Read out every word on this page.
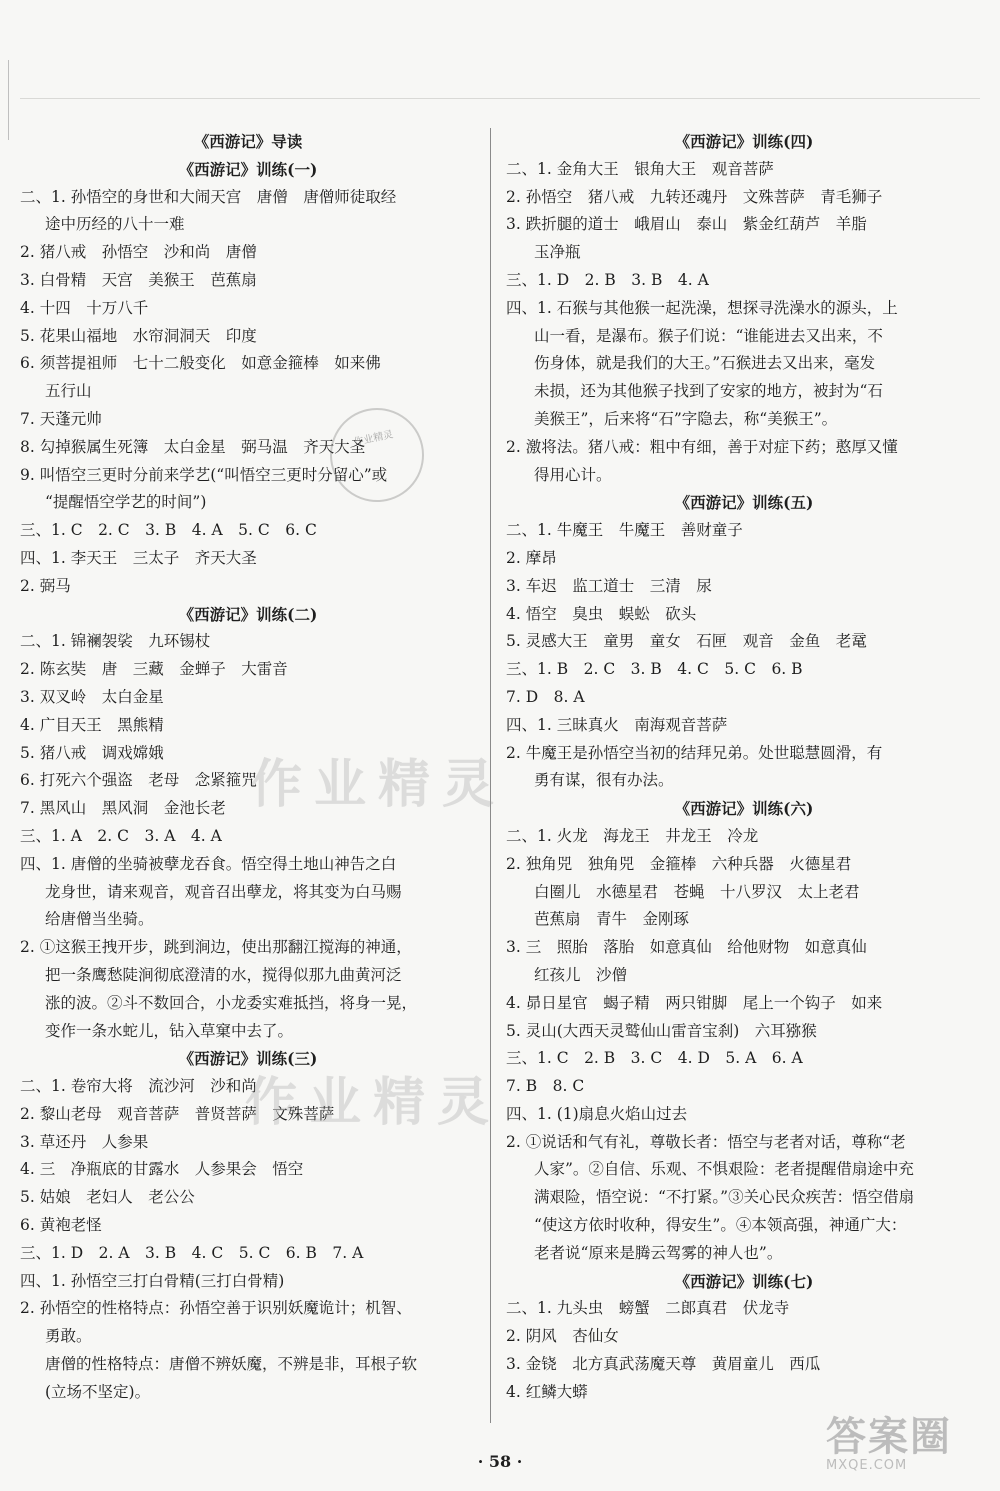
《西游记》导读
《西游记》训练(一)
二、1. 孙悟空的身世和大闹天宫　唐僧　唐僧师徒取经
途中历经的八十一难
2. 猪八戒　孙悟空　沙和尚　唐僧
3. 白骨精　天宫　美猴王　芭蕉扇
4. 十四　十万八千
5. 花果山福地　水帘洞洞天　印度
6. 须菩提祖师　七十二般变化　如意金箍棒　如来佛
五行山
7. 天蓬元帅
8. 勾掉猴属生死簿　太白金星　弼马温　齐天大圣
9. 叫悟空三更时分前来学艺(“叫悟空三更时分留心”或
“提醒悟空学艺的时间”)
三、1. C　2. C　3. B　4. A　5. C　6. C
四、1. 李天王　三太子　齐天大圣
2. 弼马
《西游记》训练(二)
二、1. 锦襕袈裟　九环锡杖
2. 陈玄奘　唐　三藏　金蝉子　大雷音
3. 双叉岭　太白金星
4. 广目天王　黑熊精
5. 猪八戒　调戏嫦娥
6. 打死六个强盗　老母　念紧箍咒
7. 黑风山　黑风洞　金池长老
三、1. A　2. C　3. A　4. A
四、1. 唐僧的坐骑被孽龙吞食。悟空得土地山神告之白
龙身世，请来观音，观音召出孽龙，将其变为白马赐
给唐僧当坐骑。
2. ①这猴王拽开步，跳到涧边，使出那翻江搅海的神通，
把一条鹰愁陡涧彻底澄清的水，搅得似那九曲黄河泛
涨的波。②斗不数回合，小龙委实难抵挡，将身一晃，
变作一条水蛇儿，钻入草窠中去了。
《西游记》训练(三)
二、1. 卷帘大将　流沙河　沙和尚
2. 黎山老母　观音菩萨　普贤菩萨　文殊菩萨
3. 草还丹　人参果
4. 三　净瓶底的甘露水　人参果会　悟空
5. 姑娘　老妇人　老公公
6. 黄袍老怪
三、1. D　2. A　3. B　4. C　5. C　6. B　7. A
四、1. 孙悟空三打白骨精(三打白骨精)
2. 孙悟空的性格特点：孙悟空善于识别妖魔诡计；机智、
勇敢。
唐僧的性格特点：唐僧不辨妖魔，不辨是非，耳根子软
(立场不坚定)。
《西游记》训练(四)
二、1. 金角大王　银角大王　观音菩萨
2. 孙悟空　猪八戒　九转还魂丹　文殊菩萨　青毛狮子
3. 跌折腿的道士　峨眉山　泰山　紫金红葫芦　羊脂
玉净瓶
三、1. D　2. B　3. B　4. A
四、1. 石猴与其他猴一起洗澡，想探寻洗澡水的源头，上
山一看，是瀑布。猴子们说：“谁能进去又出来，不
伤身体，就是我们的大王。”石猴进去又出来，毫发
未损，还为其他猴子找到了安家的地方，被封为“石
美猴王”，后来将“石”字隐去，称“美猴王”。
2. 激将法。猪八戒：粗中有细，善于对症下药；憨厚又懂
得用心计。
《西游记》训练(五)
二、1. 牛魔王　牛魔王　善财童子
2. 摩昂
3. 车迟　监工道士　三清　尿
4. 悟空　臭虫　蜈蚣　砍头
5. 灵感大王　童男　童女　石匣　观音　金鱼　老鼋
三、1. B　2. C　3. B　4. C　5. C　6. B
7. D　8. A
四、1. 三昧真火　南海观音菩萨
2. 牛魔王是孙悟空当初的结拜兄弟。处世聪慧圆滑，有
勇有谋，很有办法。
《西游记》训练(六)
二、1. 火龙　海龙王　井龙王　冷龙
2. 独角兕　独角兕　金箍棒　六种兵器　火德星君
白圈儿　水德星君　苍蝇　十八罗汉　太上老君
芭蕉扇　青牛　金刚琢
3. 三　照胎　落胎　如意真仙　给他财物　如意真仙
红孩儿　沙僧
4. 昴日星官　蝎子精　两只钳脚　尾上一个钩子　如来
5. 灵山(大西天灵鹫仙山雷音宝刹)　六耳猕猴
三、1. C　2. B　3. C　4. D　5. A　6. A
7. B　8. C
四、1. (1)扇息火焰山过去
2. ①说话和气有礼，尊敬长者：悟空与老者对话，尊称“老
人家”。②自信、乐观、不惧艰险：老者提醒借扇途中充
满艰险，悟空说：“不打紧。”③关心民众疾苦：悟空借扇
“使这方依时收种，得安生”。④本领高强，神通广大：
老者说“原来是腾云驾雾的神人也”。
《西游记》训练(七)
二、1. 九头虫　螃蟹　二郎真君　伏龙寺
2. 阴风　杏仙女
3. 金铙　北方真武荡魔天尊　黄眉童儿　西瓜
4. 红鳞大蟒
作业精灵
作业精灵
作业精灵
· 58 ·
答案圈
MXQE.COM
